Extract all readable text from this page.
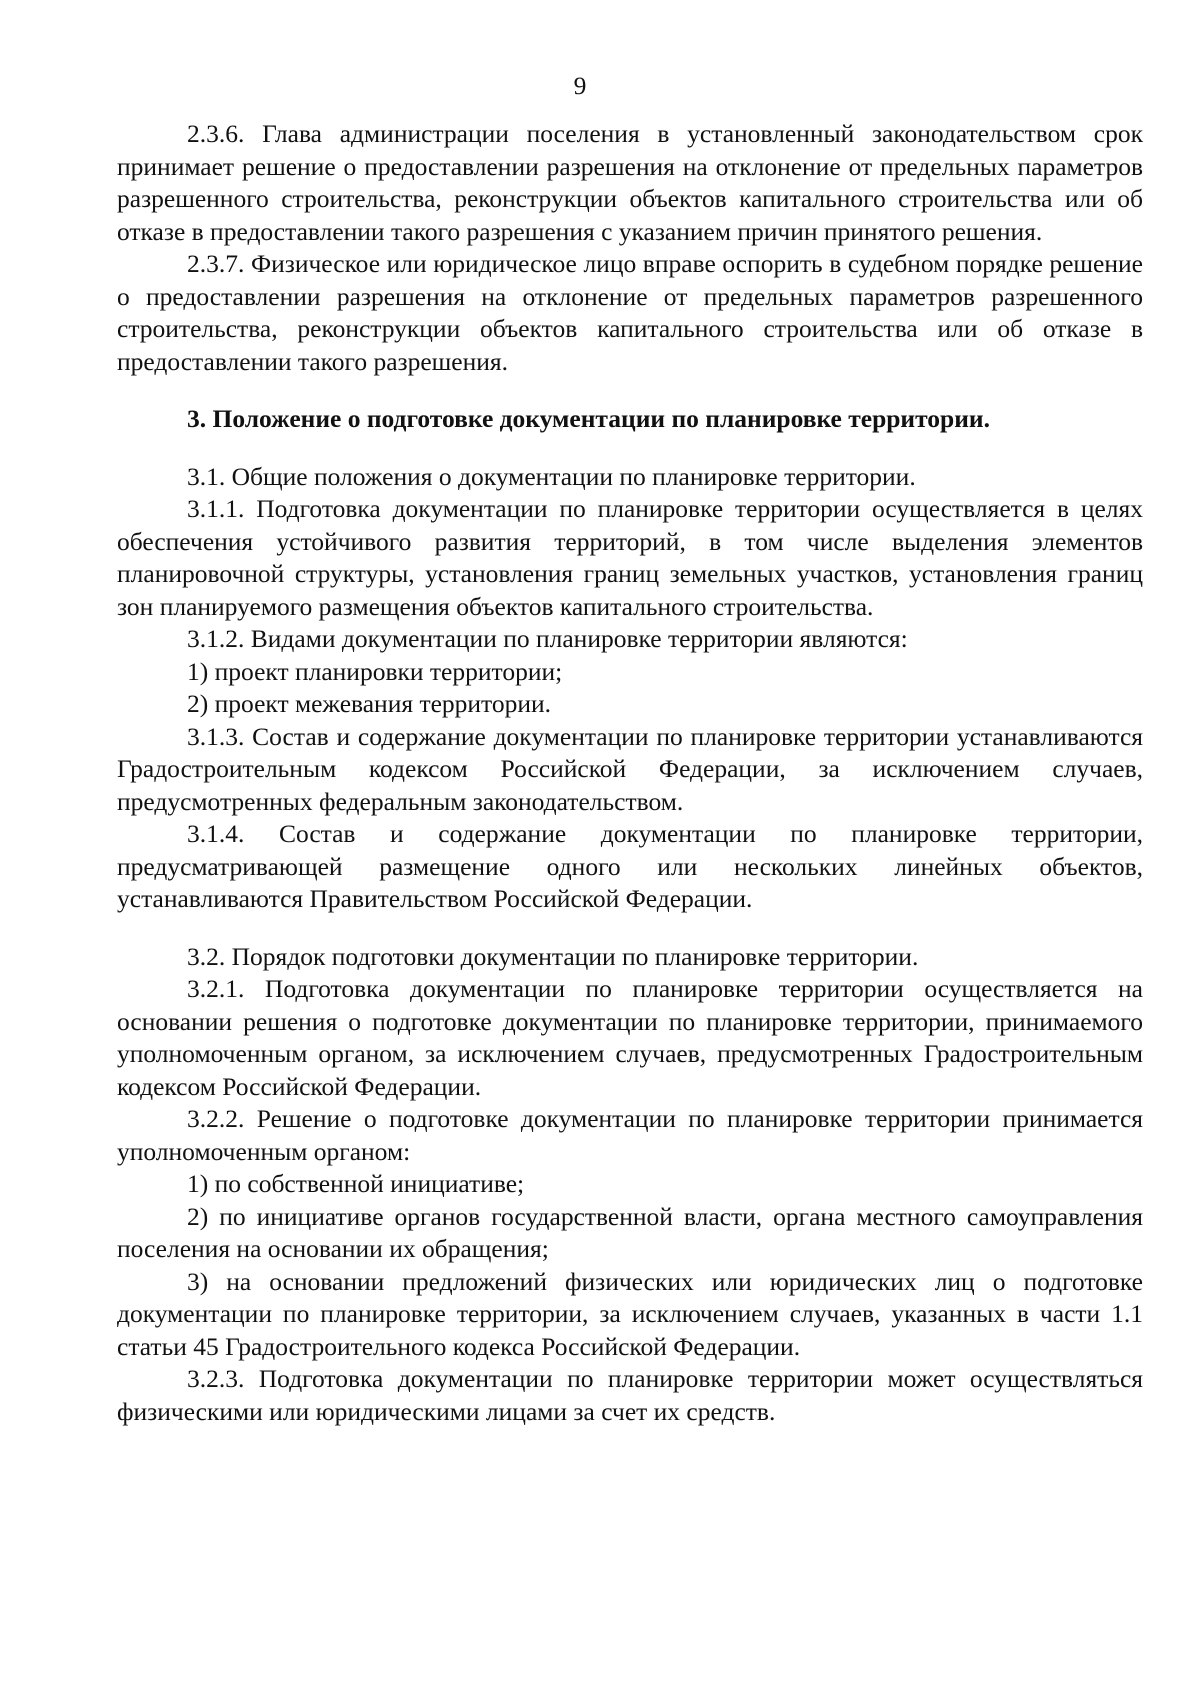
9

2.3.6. Глава администрации поселения в установленный законодательством срок принимает решение о предоставлении разрешения на отклонение от предельных параметров разрешенного строительства, реконструкции объектов капитального строительства или об отказе в предоставлении такого разрешения с указанием причин принятого решения.

2.3.7. Физическое или юридическое лицо вправе оспорить в судебном порядке решение о предоставлении разрешения на отклонение от предельных параметров разрешенного строительства, реконструкции объектов капитального строительства или об отказе в предоставлении такого разрешения.

3. Положение о подготовке документации по планировке территории.

3.1. Общие положения о документации по планировке территории.

3.1.1. Подготовка документации по планировке территории осуществляется в целях обеспечения устойчивого развития территорий, в том числе выделения элементов планировочной структуры, установления границ земельных участков, установления границ зон планируемого размещения объектов капитального строительства.

3.1.2. Видами документации по планировке территории являются:

1) проект планировки территории;

2) проект межевания территории.

3.1.3. Состав и содержание документации по планировке территории устанавливаются Градостроительным кодексом Российской Федерации, за исключением случаев, предусмотренных федеральным законодательством.

3.1.4. Состав и содержание документации по планировке территории, предусматривающей размещение одного или нескольких линейных объектов, устанавливаются Правительством Российской Федерации.

3.2. Порядок подготовки документации по планировке территории.

3.2.1. Подготовка документации по планировке территории осуществляется на основании решения о подготовке документации по планировке территории, принимаемого уполномоченным органом, за исключением случаев, предусмотренных Градостроительным кодексом Российской Федерации.

3.2.2. Решение о подготовке документации по планировке территории принимается уполномоченным органом:

1) по собственной инициативе;

2) по инициативе органов государственной власти, органа местного самоуправления поселения на основании их обращения;

3) на основании предложений физических или юридических лиц о подготовке документации по планировке территории, за исключением случаев, указанных в части 1.1 статьи 45 Градостроительного кодекса Российской Федерации.

3.2.3. Подготовка документации по планировке территории может осуществляться физическими или юридическими лицами за счет их средств.
